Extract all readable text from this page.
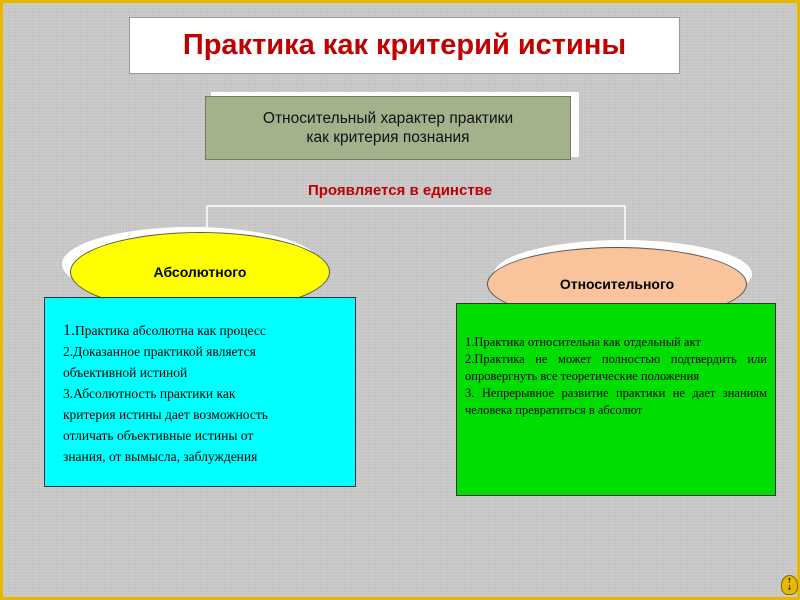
Практика как критерий истины
Относительный характер практики
как критерия познания
Проявляется в единстве
Абсолютного
Относительного
1.Практика абсолютна как процесс
2.Доказанное практикой является
объективной истиной
3.Абсолютность практики как
критерия истины дает возможность
отличать объективные истины от
знания, от вымысла, заблуждения
1.Практика относительна как отдельный акт
2.Практика не может полностью подтвердить или опровергнуть все теоретические положения
3. Непрерывное развитие практики не дает знаниям человека превратиться в абсолют
↑
↓
